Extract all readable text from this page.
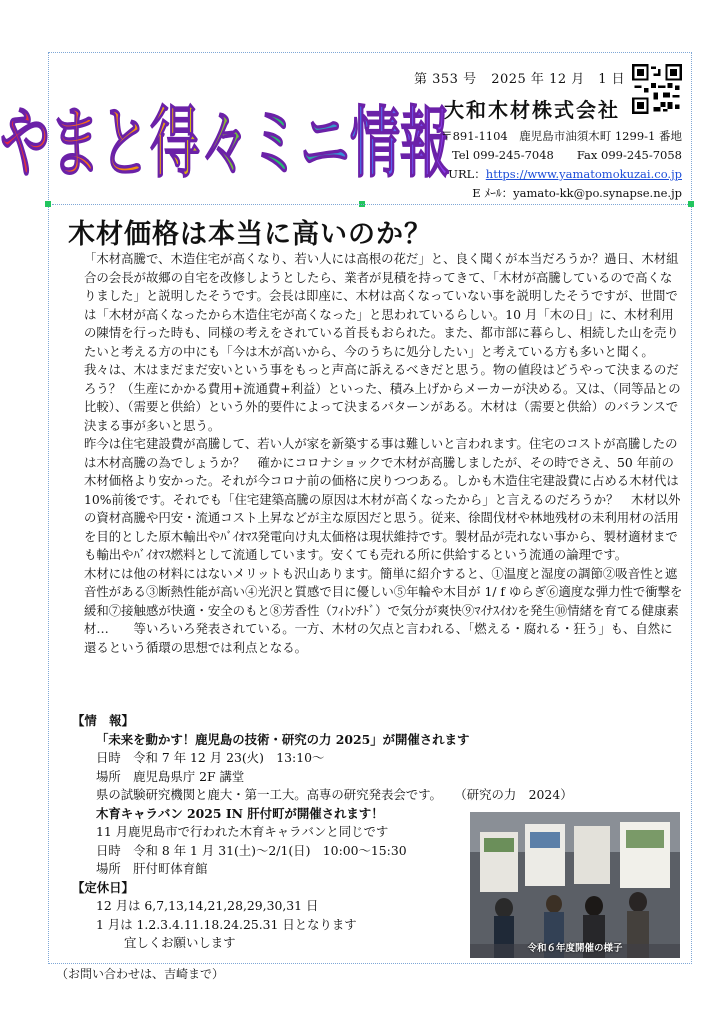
やまと得々ミニ情報
第 353 号 2025 年 12 月　1 日
大和木材株式会社
〒891-1104　鹿児島市油須木町 1299-1 番地
Tel 099-245-7048　　Fax 099-245-7058
URL：https://www.yamatomokuzai.co.jp
E ﾒｰﾙ：yamato-kk@po.synapse.ne.jp
木材価格は本当に高いのか？

「木材高騰で、木造住宅が高くなり、若い人には高根の花だ」と、良く聞くが本当だろうか？過日、木材組合の会長が故郷の自宅を改修しようとしたら、業者が見積を持ってきて、「木材が高騰しているので高くなりました」と説明したそうです。会長は即座に、木材は高くなっていない事を説明したそうですが、世間では「木材が高くなったから木造住宅が高くなった」と思われているらしい。10 月「木の日」に、木材利用の陳情を行った時も、同様の考えをされている首長もおられた。また、都市部に暮らし、相続した山を売りたいと考える方の中にも「今は木が高いから、今のうちに処分したい」と考えている方も多いと聞く。

我々は、木はまだまだ安いという事をもっと声高に訴えるべきだと思う。物の値段はどうやって決まるのだろう？（生産にかかる費用+流通費+利益）といった、積み上げからメーカーが決める。又は、（同等品との比較）、（需要と供給）という外的要件によって決まるパターンがある。木材は（需要と供給）のバランスで決まる事が多いと思う。

昨今は住宅建設費が高騰して、若い人が家を新築する事は難しいと言われます。住宅のコストが高騰したのは木材高騰の為でしょうか？　確かにコロナショックで木材が高騰しましたが、その時でさえ、50 年前の木材価格より安かった。それが今コロナ前の価格に戻りつつある。しかも木造住宅建設費に占める木材代は 10%前後です。それでも「住宅建築高騰の原因は木材が高くなったから」と言えるのだろうか？　木材以外の資材高騰や円安・流通コスト上昇などが主な原因だと思う。従来、徐間伐材や林地残材の未利用材の活用を目的とした原木輸出やﾊﾞｲｵﾏｽ発電向け丸太価格は現状維持です。製材品が売れない事から、製材適材までも輸出やﾊﾞｲｵﾏｽ燃料として流通しています。安くても売れる所に供給するという流通の論理です。

木材には他の材料にはないメリットも沢山あります。簡単に紹介すると、①温度と湿度の調節②吸音性と遮音性がある③断熱性能が高い④光沢と質感で目に優しい⑤年輪や木目が 1/ f ゆらぎ⑥適度な弾力性で衝撃を緩和⑦接触感が快適・安全のもと⑧芳香性（ﾌｨﾄﾝﾁﾄﾞ）で気分が爽快⑨ﾏｲﾅｽｲｵﾝを発生⑩情緒を育てる健康素材…　　等いろいろ発表されている。一方、木材の欠点と言われる、「燃える・腐れる・狂う」も、自然に還るという循環の思想では利点となる。

【情　報】

「未来を動かす！鹿児島の技術・研究の力 2025」が開催されます

日時　令和 7 年 12 月 23(火)　13:10～

場所　鹿児島県庁 2F 講堂

県の試験研究機関と鹿大・第一工大。高専の研究発表会です。　　（研究の力　2024）

木育キャラバン 2025 IN 肝付町が開催されます！

11 月鹿児島市で行われた木育キャラバンと同じです

日時　令和 8 年 1 月 31(土)～2/1(日)　10:00～15:30

場所　肝付町体育館

【定休日】

12 月は 6,7,13,14,21,28,29,30,31 日

1 月は 1.2.3.4.11.18.24.25.31 日となります

宜しくお願いします	令和６年度開催の様子
（お問い合わせは、吉崎まで）
